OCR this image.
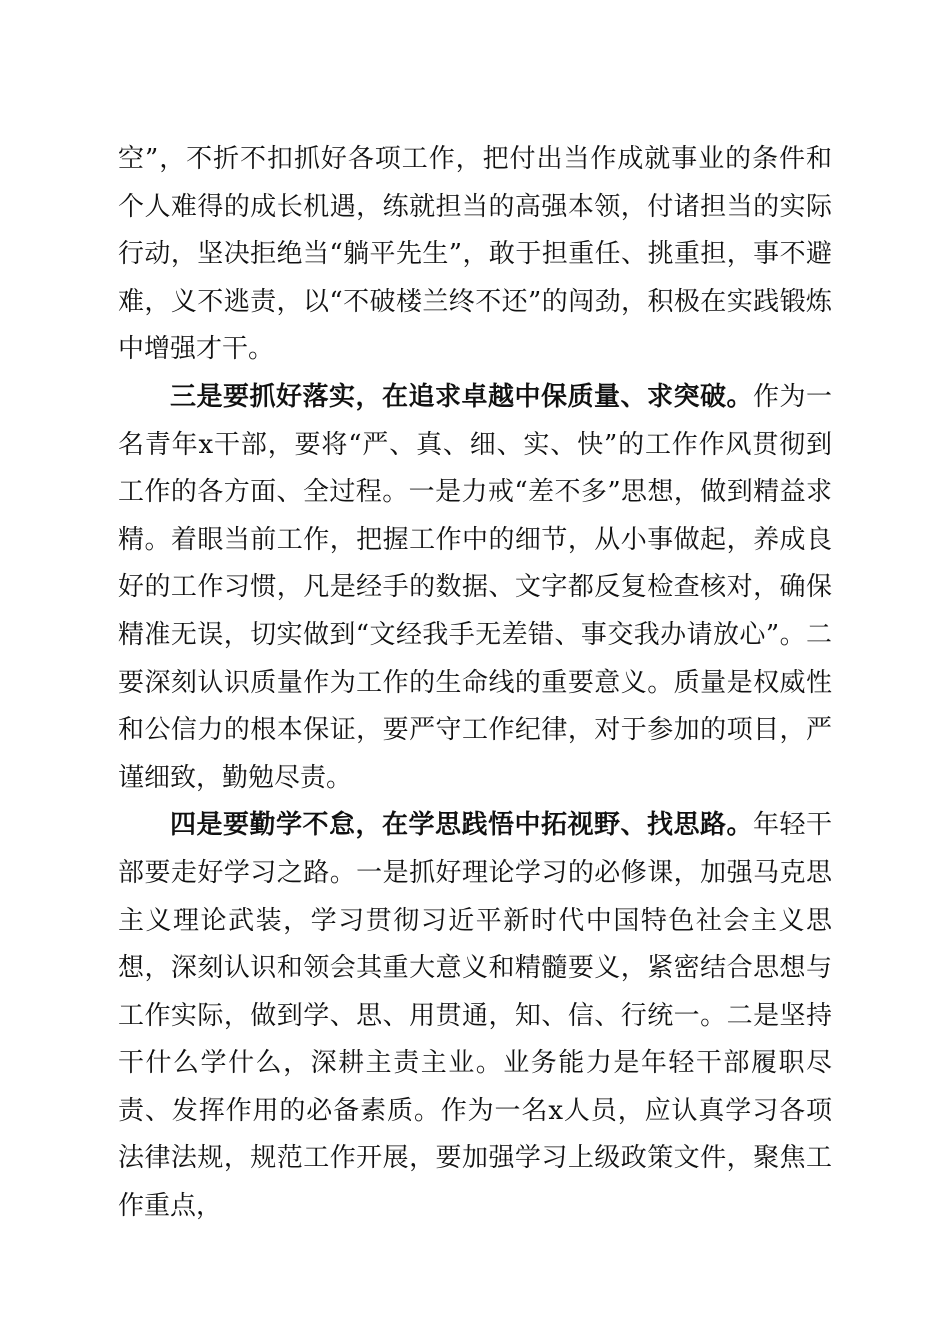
空”，不折不扣抓好各项工作，把付出当作成就事业的条件和个人难得的成长机遇，练就担当的高强本领，付诸担当的实际行动，坚决拒绝当“躺平先生”，敢于担重任、挑重担，事不避难，义不逃责，以“不破楼兰终不还”的闯劲，积极在实践锻炼中增强才干。

三是要抓好落实，在追求卓越中保质量、求突破。作为一名青年x干部，要将“严、真、细、实、快”的工作作风贯彻到工作的各方面、全过程。一是力戒“差不多”思想，做到精益求精。着眼当前工作，把握工作中的细节，从小事做起，养成良好的工作习惯，凡是经手的数据、文字都反复检查核对，确保精准无误，切实做到“文经我手无差错、事交我办请放心”。二要深刻认识质量作为工作的生命线的重要意义。质量是权威性和公信力的根本保证，要严守工作纪律，对于参加的项目，严谨细致，勤勉尽责。

四是要勤学不怠，在学思践悟中拓视野、找思路。年轻干部要走好学习之路。一是抓好理论学习的必修课，加强马克思主义理论武装，学习贯彻习近平新时代中国特色社会主义思想，深刻认识和领会其重大意义和精髓要义，紧密结合思想与工作实际，做到学、思、用贯通，知、信、行统一。二是坚持干什么学什么，深耕主责主业。业务能力是年轻干部履职尽责、发挥作用的必备素质。作为一名x人员，应认真学习各项法律法规，规范工作开展，要加强学习上级政策文件，聚焦工作重点，
